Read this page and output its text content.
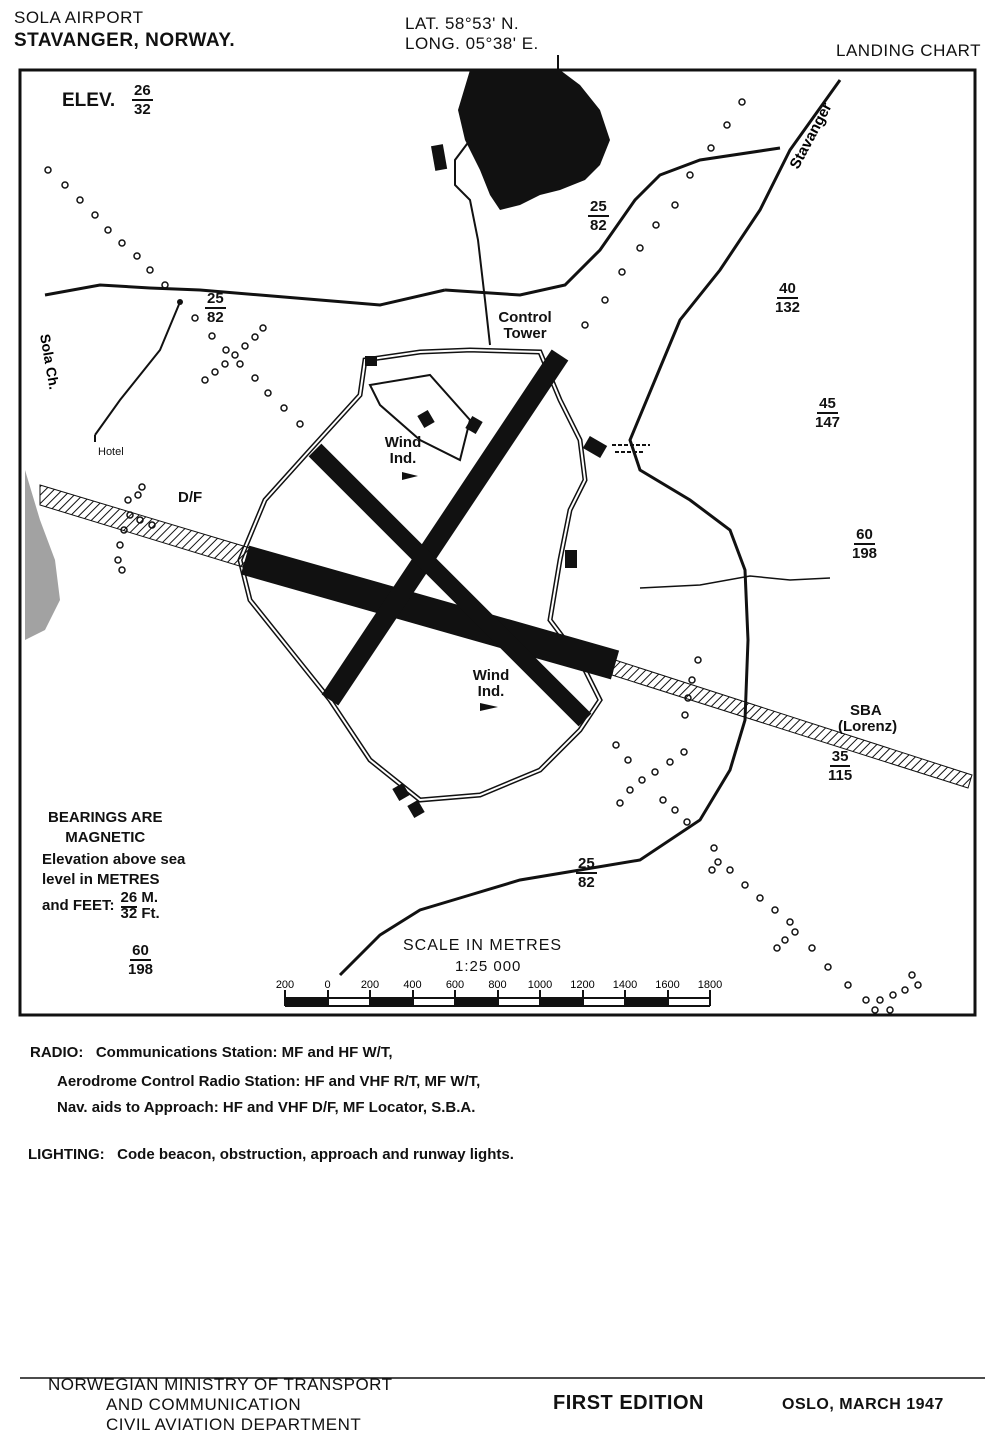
SOLA AIRPORT
STAVANGER, NORWAY.
LAT. 58°53' N.
LONG. 05°38' E.	LANDING CHART
Stavanger
Sola Ch.
200	0	200 400 600 800 1000 1200 1400 1600 1800
ELEV. $\frac{26}{32}$
$\frac{25}{82}$
$\frac{25}{82}$	$\frac{40}{132}$
$\frac{45}{147}$
$\frac{60}{198}$
$\frac{35}{115}$
$\frac{25}{82}$
$\frac{60}{198}$
Control Tower
Wind Ind.
Wind Ind.
D/F
Hotel
SBA
(Lorenz)
BEARINGS ARE
MAGNETIC
Elevation above sea
level in METRES
and FEET: 26 M.
32 Ft.
SCALE IN METRES
1:25 000
RADIO: Communications Station: MF and HF W/T,
Aerodrome Control Radio Station: HF and VHF R/T, MF W/T,
Nav. aids to Approach: HF and VHF D/F, MF Locator, S.B.A.
LIGHTING: Code beacon, obstruction, approach and runway lights.
NORWEGIAN MINISTRY OF TRANSPORT
AND COMMUNICATION
CIVIL AVIATION DEPARTMENT
FIRST EDITION	OSLO, MARCH 1947
